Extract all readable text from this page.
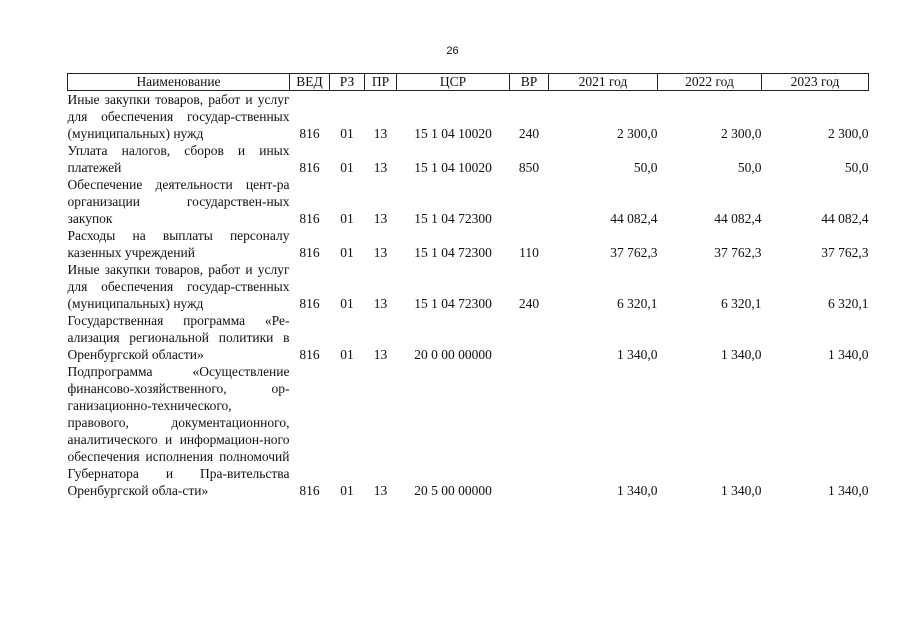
26
Наименование	ВЕД	РЗ	ПР	ЦСР	ВР	2021 год	2022 год	2023 год
Иные закупки товаров, работ и услуг для обеспечения государ-ственных (муниципальных) нужд	816	01	13	15 1 04 10020	240	2 300,0	2 300,0	2 300,0
Уплата налогов, сборов и иных платежей	816	01	13	15 1 04 10020	850	50,0	50,0	50,0
Обеспечение деятельности цент-ра организации государствен-ных закупок	816	01	13	15 1 04 72300		44 082,4	44 082,4	44 082,4
Расходы на выплаты персоналу казенных учреждений	816	01	13	15 1 04 72300	110	37 762,3	37 762,3	37 762,3
Иные закупки товаров, работ и услуг для обеспечения государ-ственных (муниципальных) нужд	816	01	13	15 1 04 72300	240	6 320,1	6 320,1	6 320,1
Государственная программа «Ре-ализация региональной политики в Оренбургской области»	816	01	13	20 0 00 00000		1 340,0	1 340,0	1 340,0
Подпрограмма «Осуществление финансово-хозяйственного, ор-ганизационно-технического, правового, документационного, аналитического и информацион-ного обеспечения исполнения полномочий Губернатора и Пра-вительства Оренбургской обла-сти»	816	01	13	20 5 00 00000		1 340,0	1 340,0	1 340,0
